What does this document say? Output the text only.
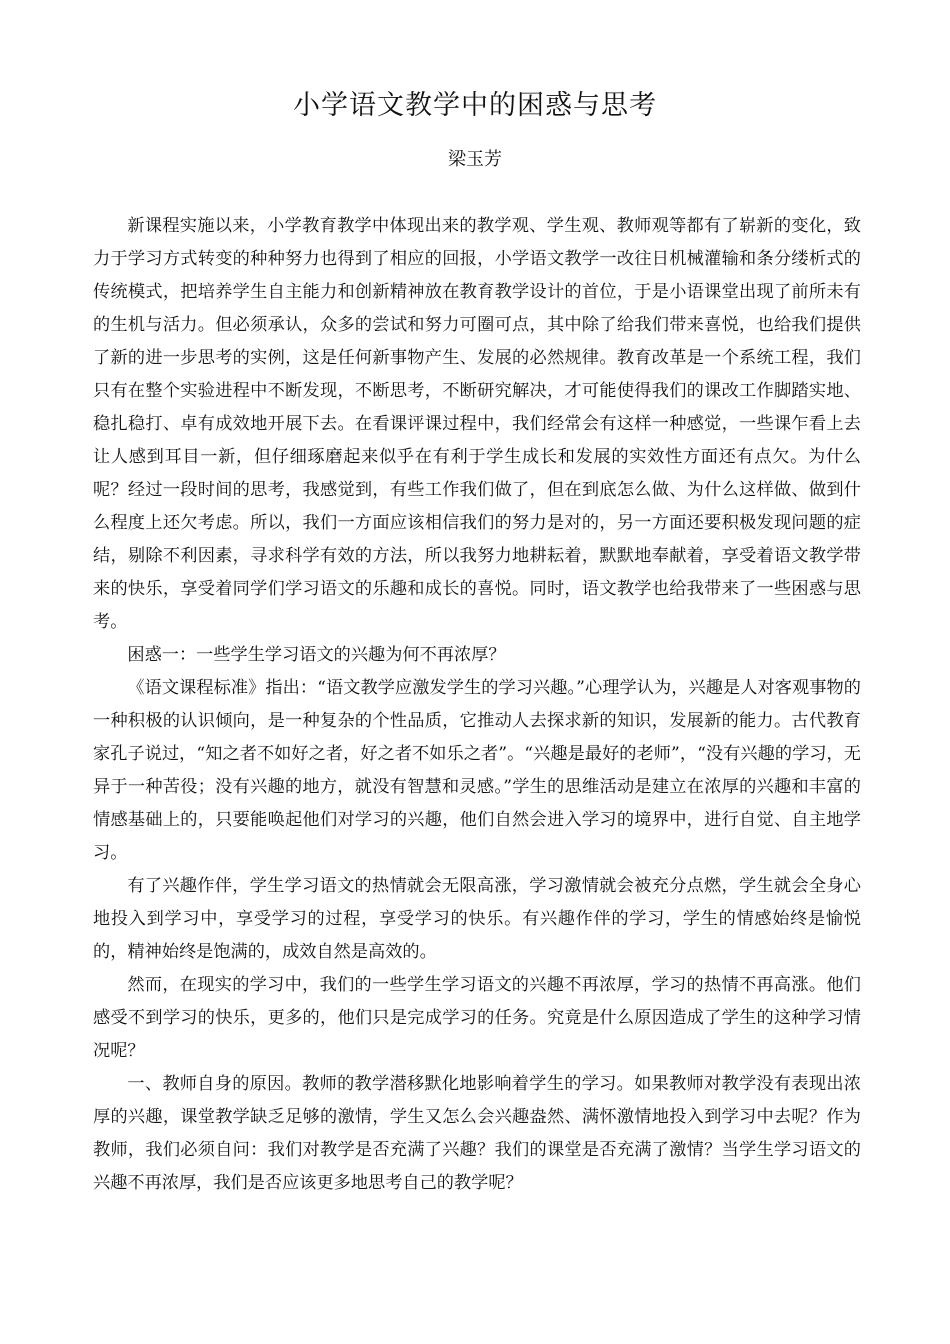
小学语文教学中的困惑与思考
梁玉芳

新课程实施以来，小学教育教学中体现出来的教学观、学生观、教师观等都有了崭新的变化，致力于学习方式转变的种种努力也得到了相应的回报，小学语文教学一改往日机械灌输和条分缕析式的传统模式，把培养学生自主能力和创新精神放在教育教学设计的首位，于是小语课堂出现了前所未有的生机与活力。但必须承认，众多的尝试和努力可圈可点，其中除了给我们带来喜悦，也给我们提供了新的进一步思考的实例，这是任何新事物产生、发展的必然规律。教育改革是一个系统工程，我们只有在整个实验进程中不断发现，不断思考，不断研究解决，才可能使得我们的课改工作脚踏实地、稳扎稳打、卓有成效地开展下去。在看课评课过程中，我们经常会有这样一种感觉，一些课乍看上去让人感到耳目一新，但仔细琢磨起来似乎在有利于学生成长和发展的实效性方面还有点欠。为什么呢？经过一段时间的思考，我感觉到，有些工作我们做了，但在到底怎么做、为什么这样做、做到什么程度上还欠考虑。所以，我们一方面应该相信我们的努力是对的，另一方面还要积极发现问题的症结，剔除不利因素，寻求科学有效的方法，所以我努力地耕耘着，默默地奉献着，享受着语文教学带来的快乐，享受着同学们学习语文的乐趣和成长的喜悦。同时，语文教学也给我带来了一些困惑与思考。

困惑一：一些学生学习语文的兴趣为何不再浓厚？

《语文课程标准》指出：“语文教学应激发学生的学习兴趣。”心理学认为，兴趣是人对客观事物的一种积极的认识倾向，是一种复杂的个性品质，它推动人去探求新的知识，发展新的能力。古代教育家孔子说过，“知之者不如好之者，好之者不如乐之者”。“兴趣是最好的老师”，“没有兴趣的学习，无异于一种苦役；没有兴趣的地方，就没有智慧和灵感。”学生的思维活动是建立在浓厚的兴趣和丰富的情感基础上的，只要能唤起他们对学习的兴趣，他们自然会进入学习的境界中，进行自觉、自主地学习。

有了兴趣作伴，学生学习语文的热情就会无限高涨，学习激情就会被充分点燃，学生就会全身心地投入到学习中，享受学习的过程，享受学习的快乐。有兴趣作伴的学习，学生的情感始终是愉悦的，精神始终是饱满的，成效自然是高效的。

然而，在现实的学习中，我们的一些学生学习语文的兴趣不再浓厚，学习的热情不再高涨。他们感受不到学习的快乐，更多的，他们只是完成学习的任务。究竟是什么原因造成了学生的这种学习情况呢？

一、教师自身的原因。教师的教学潜移默化地影响着学生的学习。如果教师对教学没有表现出浓厚的兴趣，课堂教学缺乏足够的激情，学生又怎么会兴趣盎然、满怀激情地投入到学习中去呢？作为教师，我们必须自问：我们对教学是否充满了兴趣？我们的课堂是否充满了激情？当学生学习语文的兴趣不再浓厚，我们是否应该更多地思考自己的教学呢？
